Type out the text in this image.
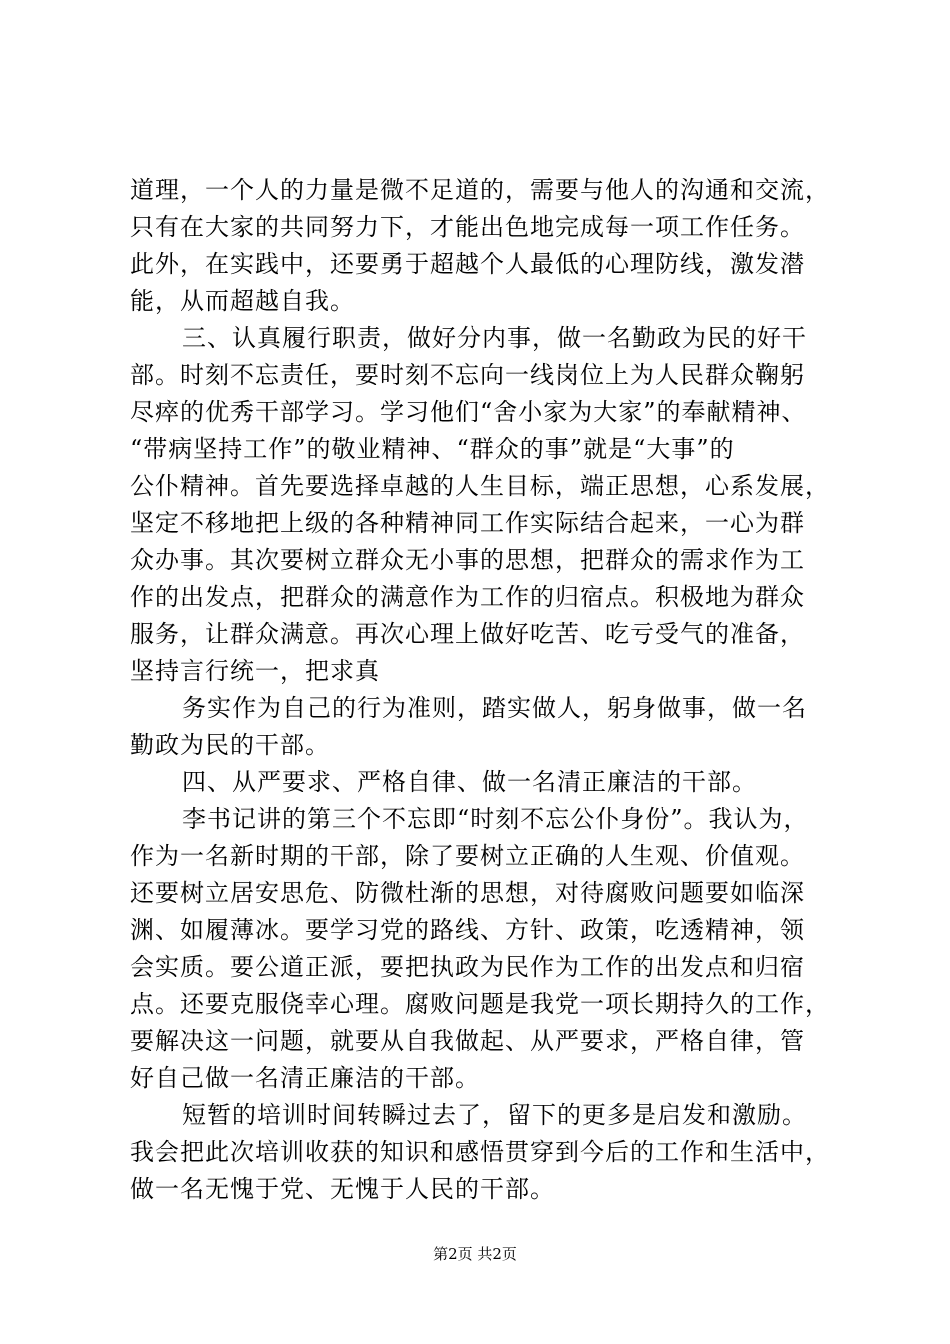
道理，一个人的力量是微不足道的，需要与他人的沟通和交流，
只有在大家的共同努力下，才能出色地完成每一项工作任务。
此外，在实践中，还要勇于超越个人最低的心理防线，激发潜
能，从而超越自我。
三、认真履行职责，做好分内事，做一名勤政为民的好干
部。时刻不忘责任，要时刻不忘向一线岗位上为人民群众鞠躬
尽瘁的优秀干部学习。学习他们“舍小家为大家”的奉献精神、
“带病坚持工作”的敬业精神、“群众的事”就是“大事”的
公仆精神。首先要选择卓越的人生目标，端正思想，心系发展，
坚定不移地把上级的各种精神同工作实际结合起来，一心为群
众办事。其次要树立群众无小事的思想，把群众的需求作为工
作的出发点，把群众的满意作为工作的归宿点。积极地为群众
服务，让群众满意。再次心理上做好吃苦、吃亏受气的准备，
坚持言行统一，把求真
务实作为自己的行为准则，踏实做人，躬身做事，做一名
勤政为民的干部。
四、从严要求、严格自律、做一名清正廉洁的干部。
李书记讲的第三个不忘即“时刻不忘公仆身份”。我认为，
作为一名新时期的干部，除了要树立正确的人生观、价值观。
还要树立居安思危、防微杜渐的思想，对待腐败问题要如临深
渊、如履薄冰。要学习党的路线、方针、政策，吃透精神，领
会实质。要公道正派，要把执政为民作为工作的出发点和归宿
点。还要克服侥幸心理。腐败问题是我党一项长期持久的工作，
要解决这一问题，就要从自我做起、从严要求，严格自律，管
好自己做一名清正廉洁的干部。
短暂的培训时间转瞬过去了，留下的更多是启发和激励。
我会把此次培训收获的知识和感悟贯穿到今后的工作和生活中，
做一名无愧于党、无愧于人民的干部。
第2页 共2页
